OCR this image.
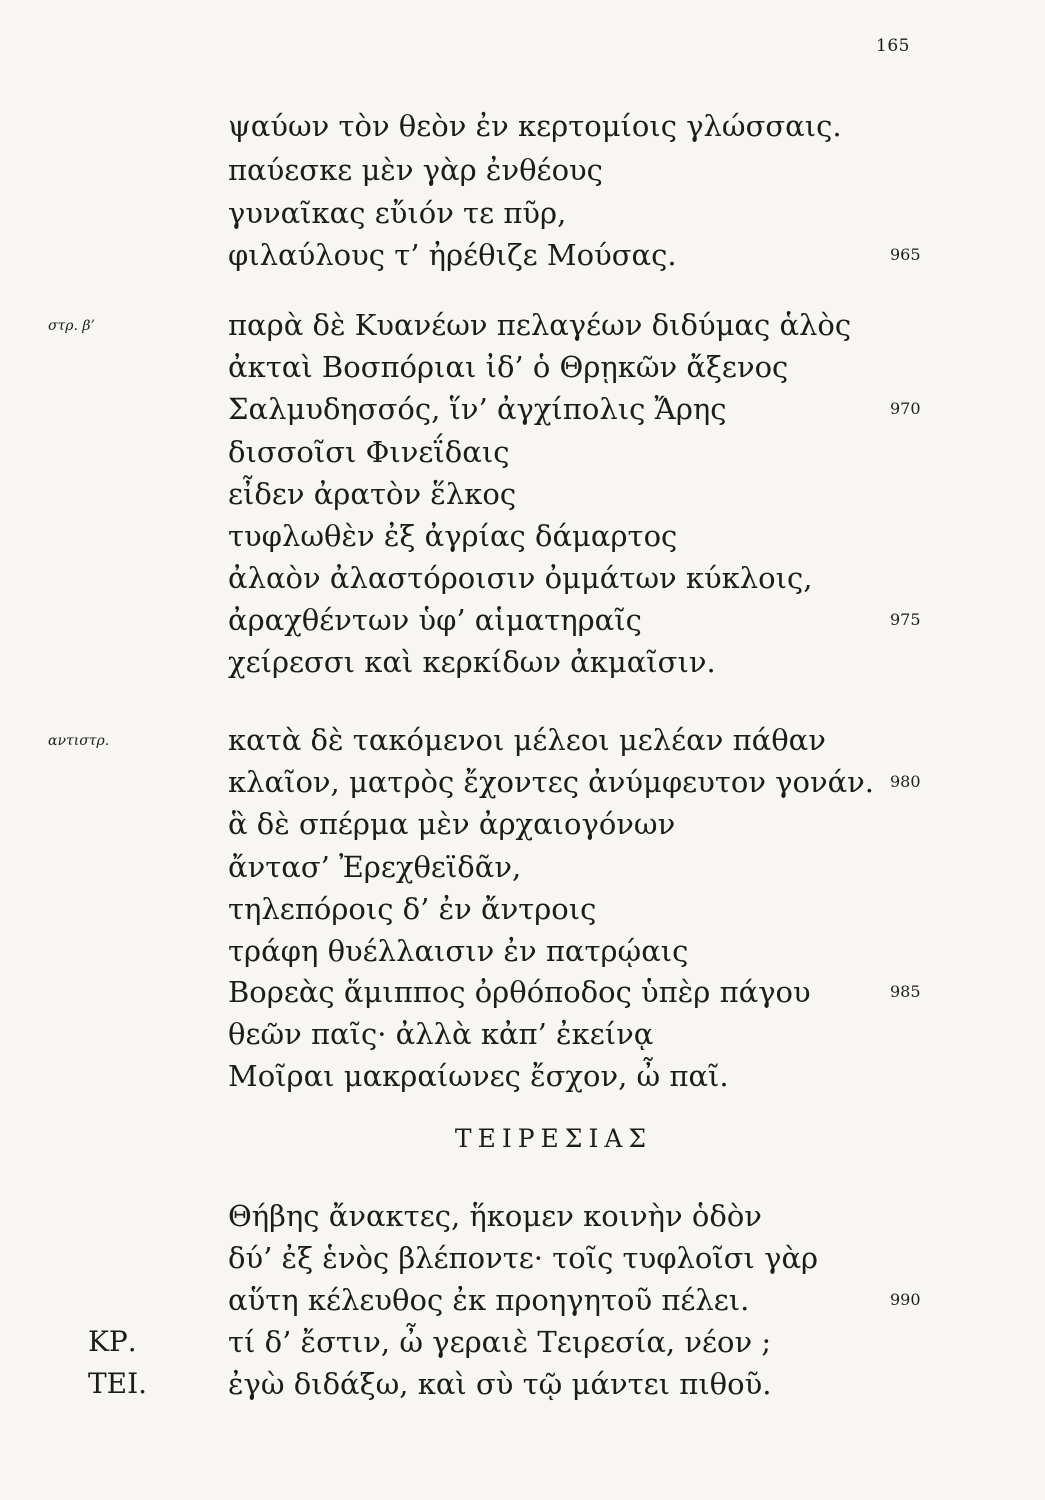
165
ψαύων τὸν θεὸν ἐν κερτομίοις γλώσσαις.
παύεσκε μὲν γὰρ ἐνθέους
γυναῖκας εὔιόν τε πῦρ,
φιλαύλους τ’ ἠρέθιζε Μούσας.	965
στρ. β’	παρὰ δὲ Κυανέων πελαγέων διδύμας ἁλὸς
ἀκταὶ Βοσπόριαι ἰδ’ ὁ Θρῃκῶν ἄξενος
Σαλμυδησσός, ἵν’ ἀγχίπολις Ἄρης	970
δισσοῖσι Φινεΐδαις
εἶδεν ἀρατὸν ἕλκος
τυφλωθὲν ἐξ ἀγρίας δάμαρτος
ἀλαὸν ἀλαστόροισιν ὀμμάτων κύκλοις,
ἀραχθέντων ὑφ’ αἱματηραῖς	975
χείρεσσι καὶ κερκίδων ἀκμαῖσιν.
αντιστρ.	κατὰ δὲ τακόμενοι μέλεοι μελέαν πάθαν
κλαῖον, ματρὸς ἔχοντες ἀνύμφευτον γονάν. 980
ἃ δὲ σπέρμα μὲν ἀρχαιογόνων
ἄντασ’ Ἐρεχθεϊδᾶν,
τηλεπόροις δ’ ἐν ἄντροις
τράφη θυέλλαισιν ἐν πατρῴαις
Βορεὰς ἅμιππος ὀρθόποδος ὑπὲρ πάγου	985
θεῶν παῖς· ἀλλὰ κἀπ’ ἐκείνᾳ
Μοῖραι μακραίωνες ἔσχον, ὦ παῖ.
ΤΕΙΡΕΣΙΑΣ
Θήβης ἄνακτες, ἥκομεν κοινὴν ὁδὸν
δύ’ ἐξ ἑνὸς βλέποντε· τοῖς τυφλοῖσι γὰρ
αὕτη κέλευθος ἐκ προηγητοῦ πέλει.	990
ΚΡ.	τί δ’ ἔστιν, ὦ γεραιὲ Τειρεσία, νέον ;
ΤΕΙ.	ἐγὼ διδάξω, καὶ σὺ τῷ μάντει πιθοῦ.
